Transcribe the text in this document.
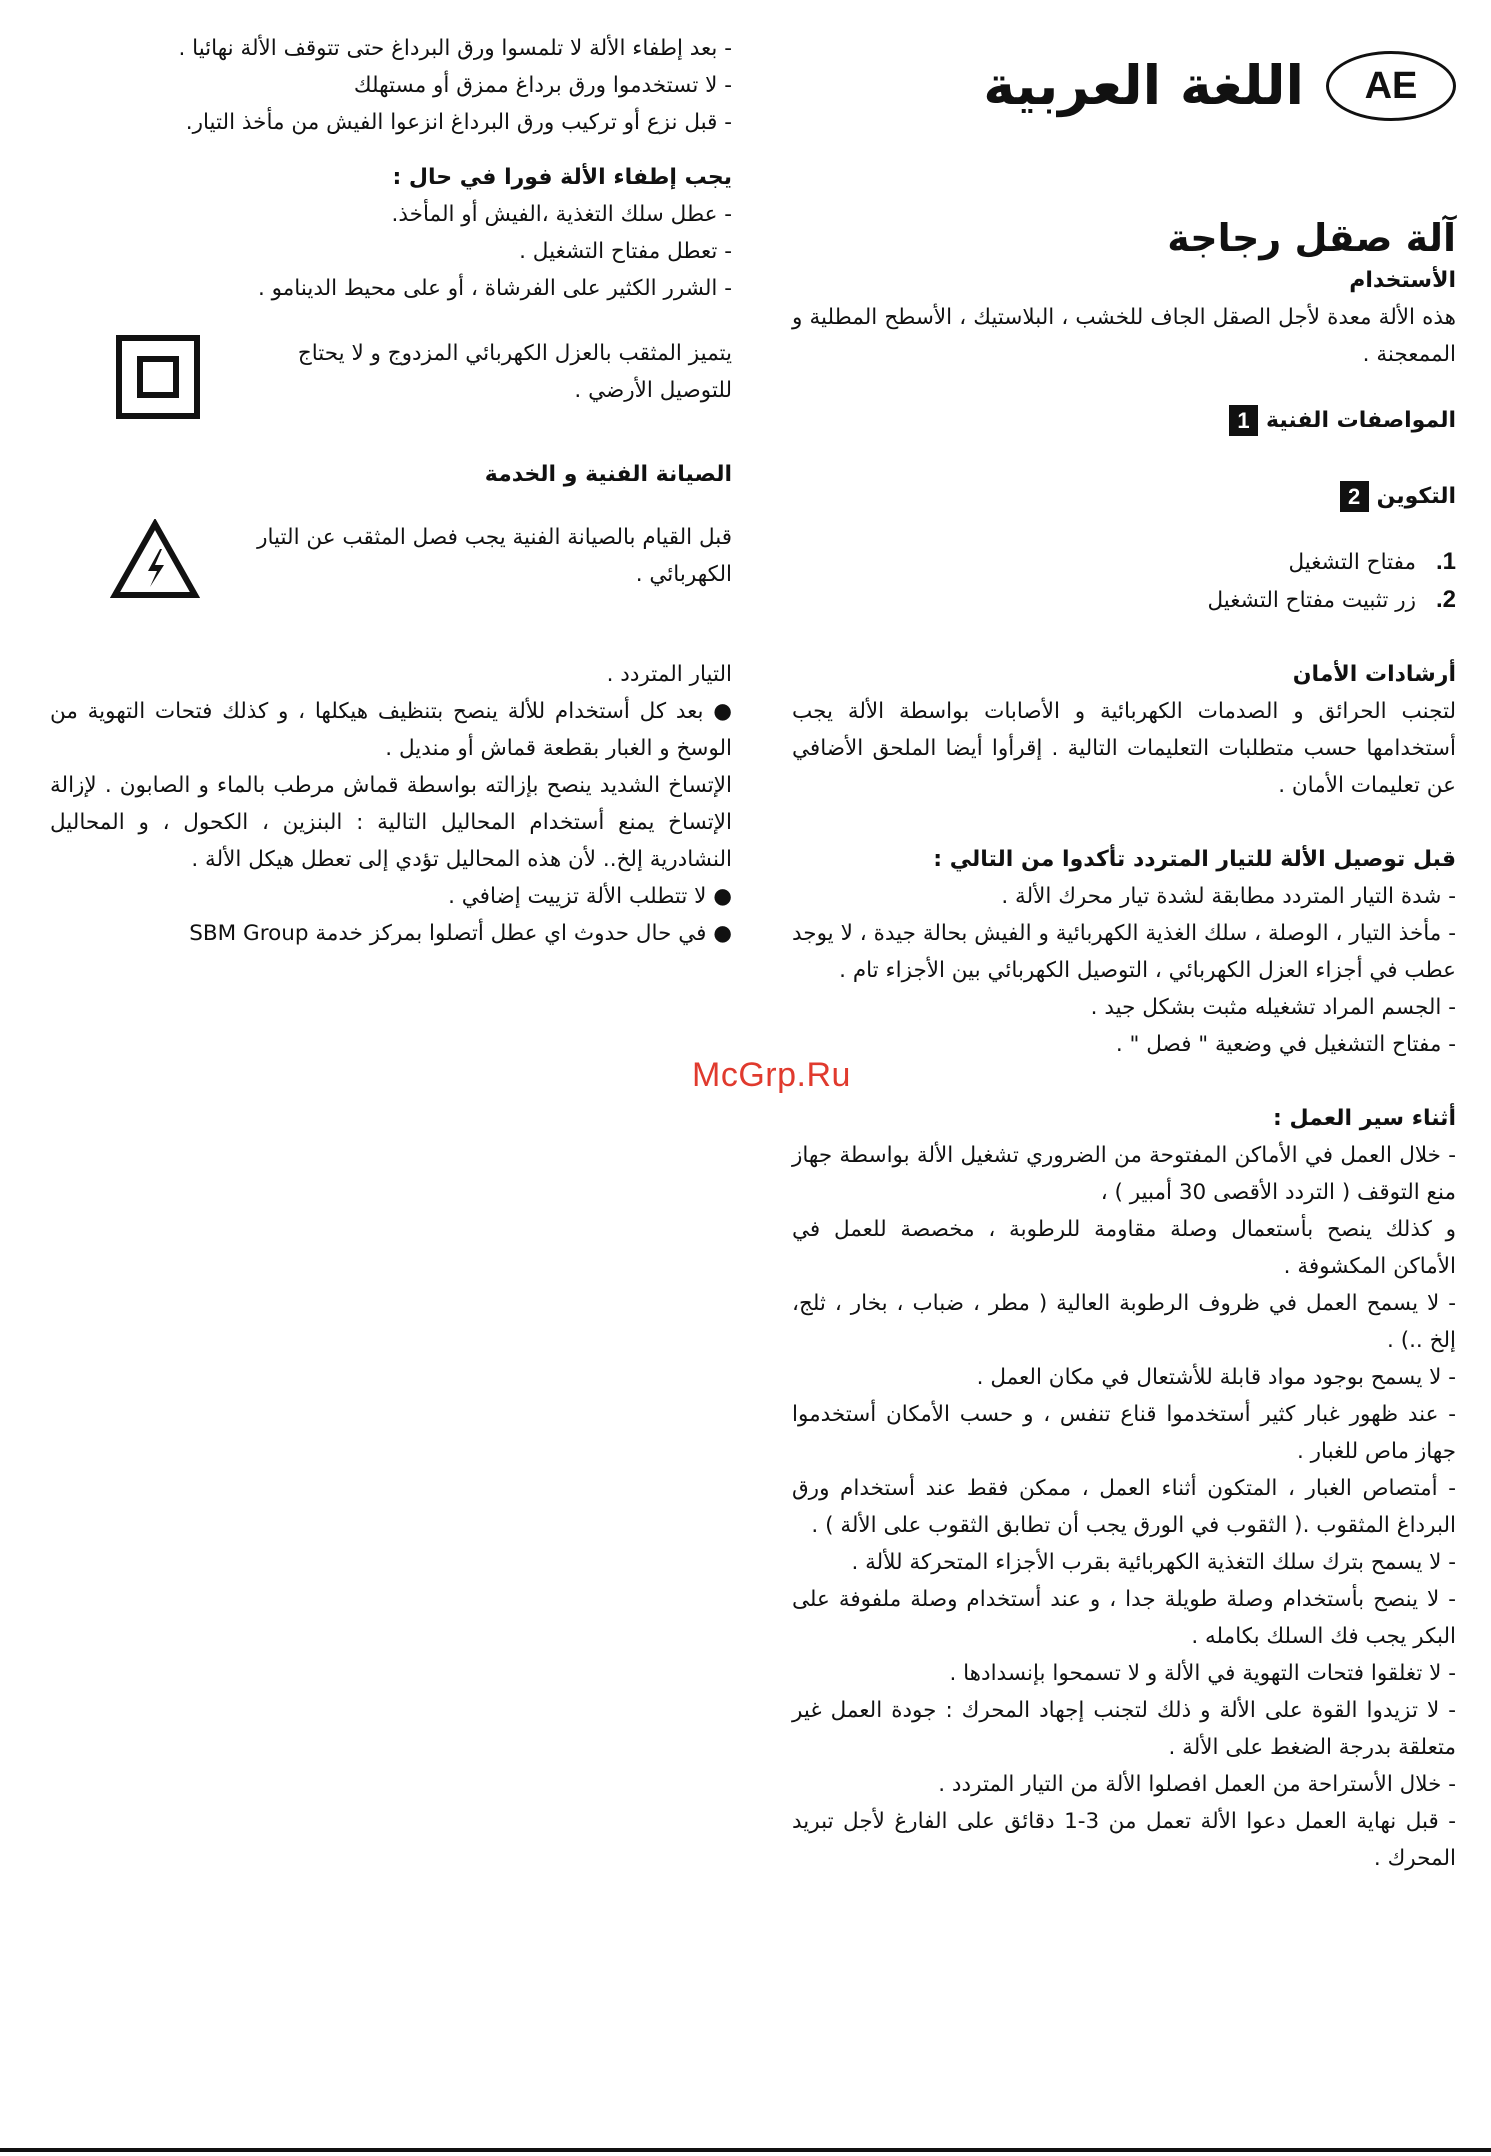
AE
اللغة العربية
آلة صقل رجاجة
الأستخدام

هذه الألة معدة لأجل الصقل الجاف للخشب ، البلاستيك ، الأسطح المطلية و الممعجنة .

المواصفات الفنية
1
التكوين
2
1.مفتاح التشغيل
2.زر تثبيت مفتاح التشغيل
أرشادات الأمان

لتجنب الحرائق و الصدمات الكهربائية و الأصابات بواسطة الألة يجب أستخدامها حسب متطلبات التعليمات التالية . إقرأوا أيضا الملحق الأضافي عن تعليمات الأمان .

قبل توصيل الألة للتيار المتردد تأكدوا من التالي :

- شدة التيار المتردد مطابقة لشدة تيار محرك الألة .

- مأخذ التيار ، الوصلة ، سلك الغذية الكهربائية و الفيش بحالة جيدة ، لا يوجد عطب في أجزاء العزل الكهربائي ، التوصيل الكهربائي بين الأجزاء تام .

- الجسم المراد تشغيله مثبت بشكل جيد .

- مفتاح التشغيل في وضعية " فصل " .

أثناء سير العمل :

- خلال العمل في الأماكن المفتوحة من الضروري تشغيل الألة بواسطة جهاز منع التوقف ( التردد الأقصى 30 أمبير ) ،

و كذلك ينصح بأستعمال وصلة مقاومة للرطوبة ، مخصصة للعمل في الأماكن المكشوفة .

- لا يسمح العمل في ظروف الرطوبة العالية ( مطر ، ضباب ، بخار ، ثلج، إلخ ..) .

- لا يسمح بوجود مواد قابلة للأشتعال في مكان العمل .

- عند ظهور غبار كثير أستخدموا قناع تنفس ، و حسب الأمكان أستخدموا جهاز ماص للغبار .

- أمتصاص الغبار ، المتكون أثناء العمل ، ممكن فقط عند أستخدام ورق البرداغ المثقوب .( الثقوب في الورق يجب أن تطابق الثقوب على الألة ) .

- لا يسمح بترك سلك التغذية الكهربائية بقرب الأجزاء المتحركة للألة .

- لا ينصح بأستخدام وصلة طويلة جدا ، و عند أستخدام وصلة ملفوفة على البكر يجب فك السلك بكامله .

- لا تغلقوا فتحات التهوية في الألة و لا تسمحوا بإنسدادها .

- لا تزيدوا القوة على الألة و ذلك لتجنب إجهاد المحرك : جودة العمل غير متعلقة بدرجة الضغط على الألة .

- خلال الأستراحة من العمل افصلوا الألة من التيار المتردد .

- قبل نهاية العمل دعوا الألة تعمل من 3-1 دقائق على الفارغ لأجل تبريد المحرك .

- بعد إطفاء الألة لا تلمسوا ورق البرداغ حتى تتوقف الألة نهائيا .

- لا تستخدموا ورق برداغ ممزق أو مستهلك

- قبل نزع أو تركيب ورق البرداغ انزعوا الفيش من مأخذ التيار.

يجب إطفاء الألة فورا في حال :

- عطل سلك التغذية ،الفيش أو المأخذ.

- تعطل مفتاح التشغيل .

- الشرر الكثير على الفرشاة ، أو على محيط الدينامو .

يتميز المثقب بالعزل الكهربائي المزدوج و لا يحتاج للتوصيل الأرضي .

الصيانة الفنية و الخدمة

قبل القيام بالصيانة الفنية يجب فصل المثقب عن التيار الكهربائي .

التيار المتردد .

● بعد كل أستخدام للألة ينصح بتنظيف هيكلها ، و كذلك فتحات التهوية من الوسخ و الغبار بقطعة قماش أو منديل .

الإتساخ الشديد ينصح بإزالته بواسطة قماش مرطب بالماء و الصابون . لإزالة الإتساخ يمنع أستخدام المحاليل التالية : البنزين ، الكحول ، و المحاليل النشادرية إلخ.. لأن هذه المحاليل تؤدي إلى تعطل هيكل الألة .

● لا تتطلب الألة تزييت إضافي .

● في حال حدوث اي عطل أتصلوا بمركز خدمة SBM Group

McGrp.Ru
